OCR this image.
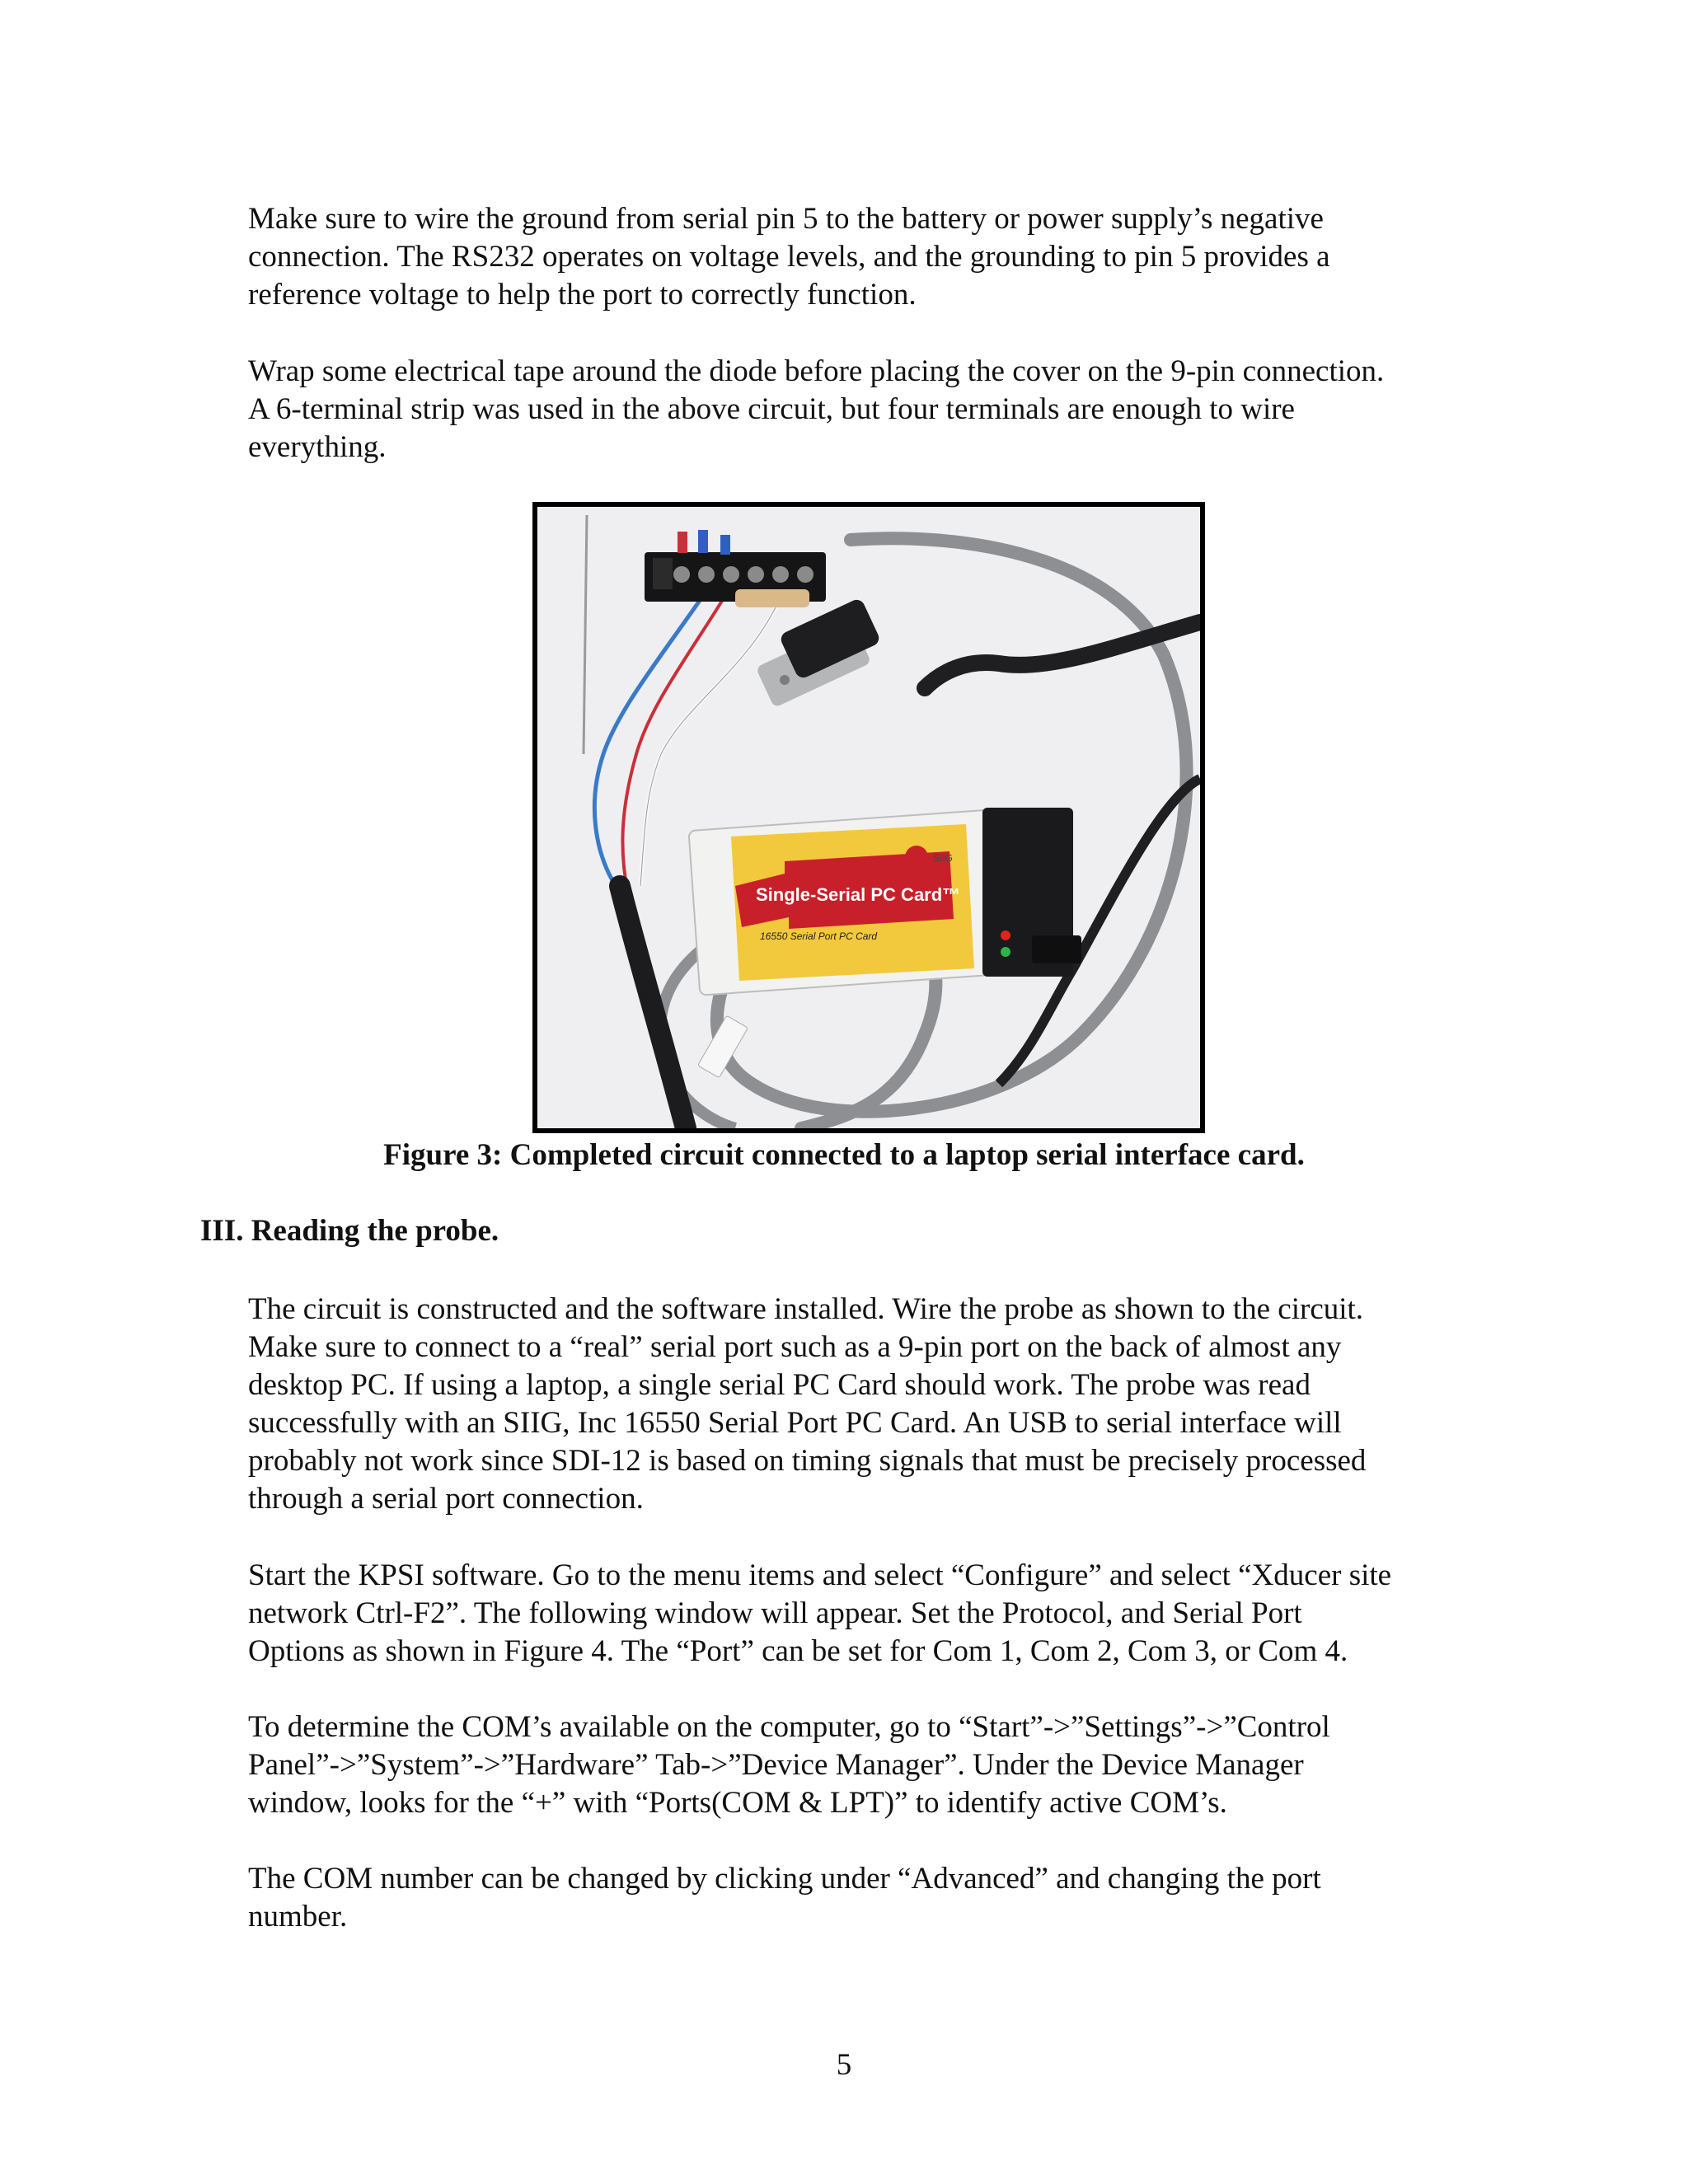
Make sure to wire the ground from serial pin 5 to the battery or power supply’s negative
connection. The RS232 operates on voltage levels, and the grounding to pin 5 provides a
reference voltage to help the port to correctly function.

Wrap some electrical tape around the diode before placing the cover on the 9-pin connection.
A 6-terminal strip was used in the above circuit, but four terminals are enough to wire
everything.

Single-Serial PC Card™
16550 Serial Port PC Card
SIIG

Figure 3: Completed circuit connected to a laptop serial interface card.

III. Reading the probe.

The circuit is constructed and the software installed. Wire the probe as shown to the circuit.
Make sure to connect to a “real” serial port such as a 9-pin port on the back of almost any
desktop PC. If using a laptop, a single serial PC Card should work. The probe was read
successfully with an SIIG, Inc 16550 Serial Port PC Card. An USB to serial interface will
probably not work since SDI-12 is based on timing signals that must be precisely processed
through a serial port connection.

Start the KPSI software. Go to the menu items and select “Configure” and select “Xducer site
network Ctrl-F2”. The following window will appear. Set the Protocol, and Serial Port
Options as shown in Figure 4. The “Port” can be set for Com 1, Com 2, Com 3, or Com 4.

To determine the COM’s available on the computer, go to “Start”->”Settings”->”Control
Panel”->”System”->”Hardware” Tab->”Device Manager”. Under the Device Manager
window, looks for the “+” with “Ports(COM & LPT)” to identify active COM’s.

The COM number can be changed by clicking under “Advanced” and changing the port
number.

5
